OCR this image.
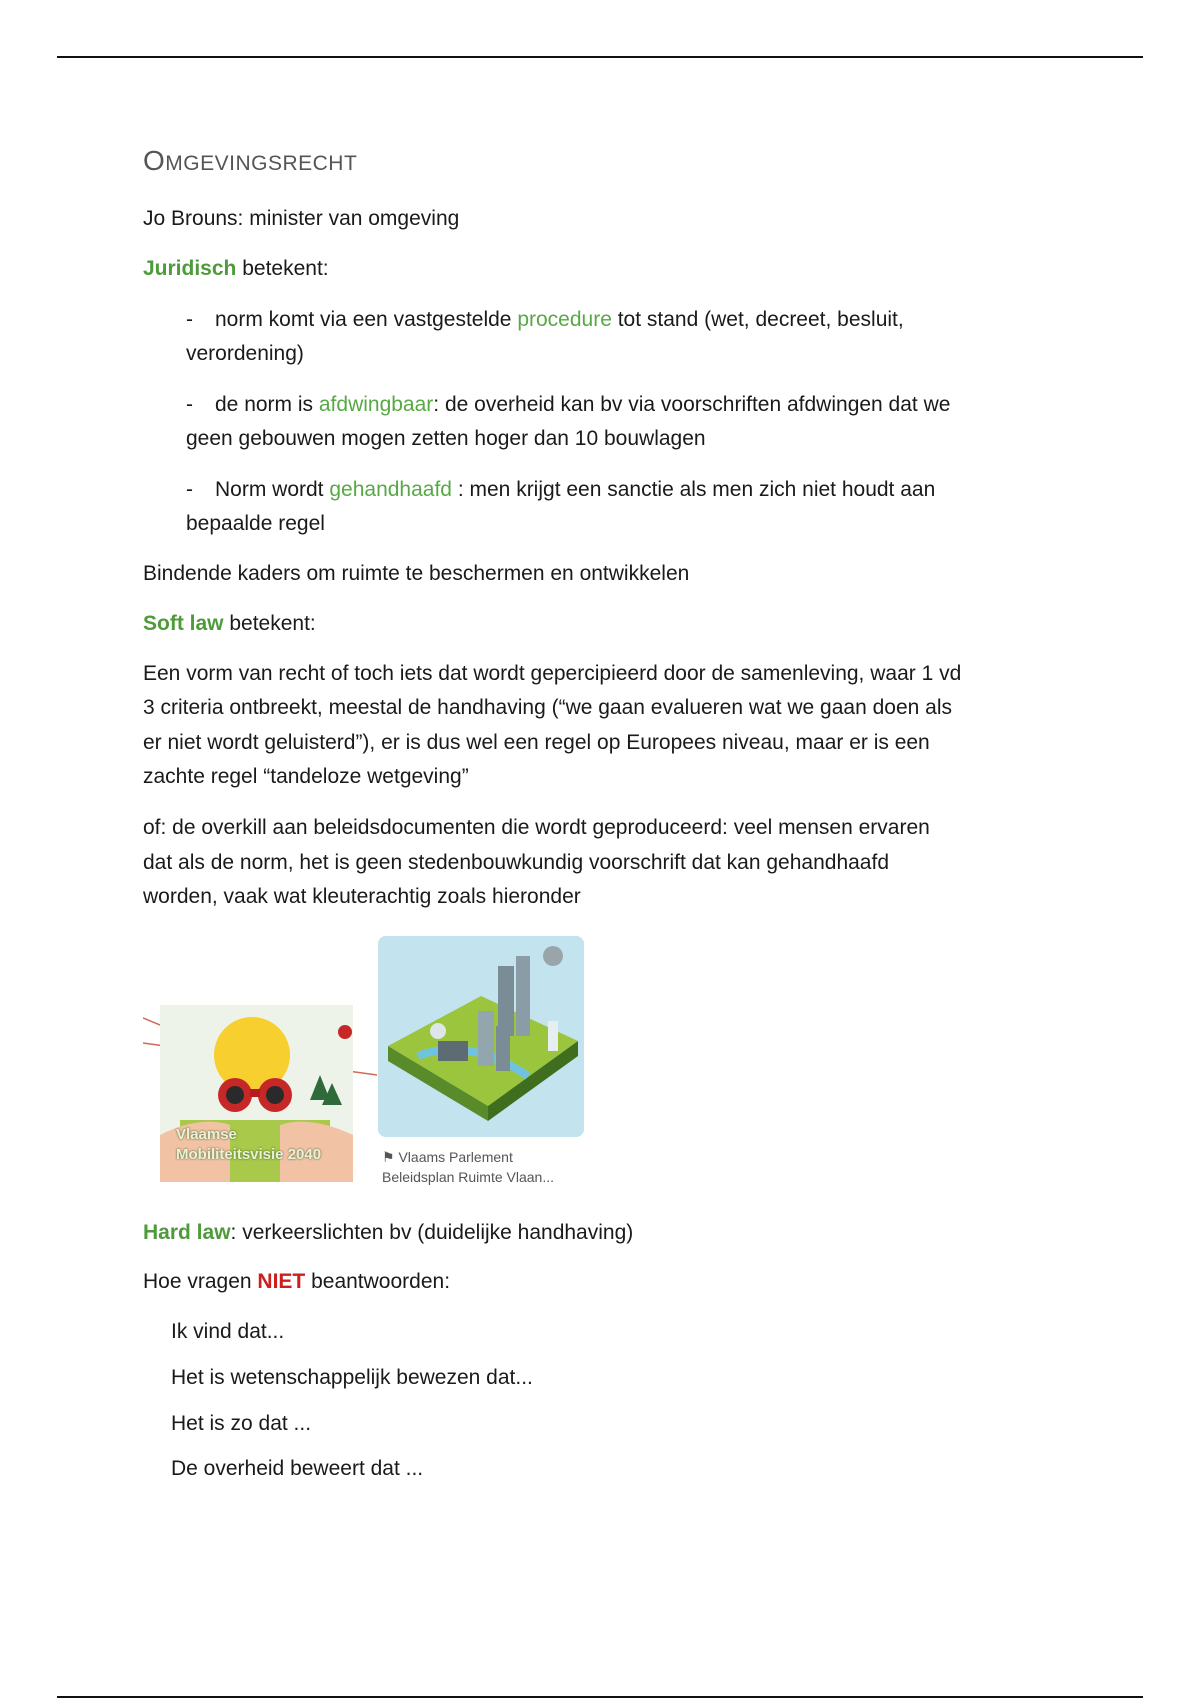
OMGEVINGSRECHT
Jo Brouns: minister van omgeving
Juridisch betekent:
- norm komt via een vastgestelde procedure tot stand (wet, decreet, besluit,
verordening)
- de norm is afdwingbaar: de overheid kan bv via voorschriften afdwingen dat we
geen gebouwen mogen zetten hoger dan 10 bouwlagen
- Norm wordt gehandhaafd : men krijgt een sanctie als men zich niet houdt aan
bepaalde regel
Bindende kaders om ruimte te beschermen en ontwikkelen
Soft law betekent:
Een vorm van recht of toch iets dat wordt gepercipieerd door de samenleving, waar 1 vd
3 criteria ontbreekt, meestal de handhaving (“we gaan evalueren wat we gaan doen als
er niet wordt geluisterd”), er is dus wel een regel op Europees niveau, maar er is een
zachte regel “tandeloze wetgeving”
of: de overkill aan beleidsdocumenten die wordt geproduceerd: veel mensen ervaren
dat als de norm, het is geen stedenbouwkundig voorschrift dat kan gehandhaafd
worden, vaak wat kleuterachtig zoals hieronder
Hard law: verkeerslichten bv (duidelijke handhaving)
Hoe vragen NIET beantwoorden:
Ik vind dat...
Het is wetenschappelijk bewezen dat...
Het is zo dat ...
De overheid beweert dat ...
Vlaamse
Mobiliteitsvisie 2040	⚑ Vlaams Parlement
Beleidsplan Ruimte Vlaan...
